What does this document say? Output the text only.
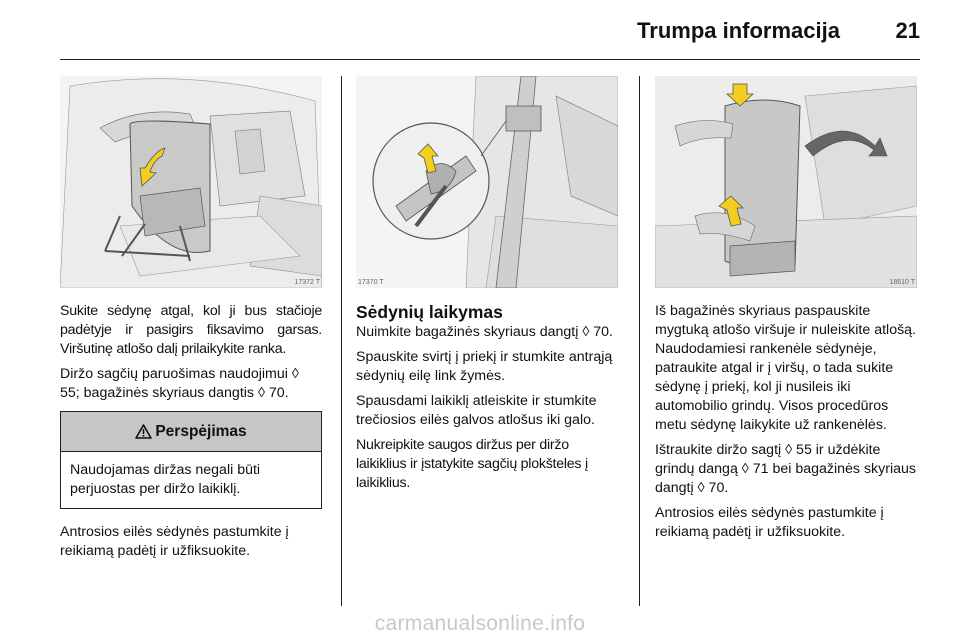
Trumpa informacija	21
17372 T

Sukite sėdynę atgal, kol ji bus stačioje padėtyje ir pasigirs fiksavimo garsas. Viršutinę atlošo dalį prilaikykite ranka.

Diržo sagčių paruošimas naudojimui ◊ 55; bagažinės skyriaus dangtis ◊ 70.

Perspėjimas
Naudojamas diržas negali būti perjuostas per diržo laikiklį.

Antrosios eilės sėdynės pastumkite į reikiamą padėtį ir užfiksuokite.

17370 T
Sėdynių laikymas

Nuimkite bagažinės skyriaus dangtį ◊ 70.

Spauskite svirtį į priekį ir stumkite antrąją sėdynių eilę link žymės.

Spausdami laikiklį atleiskite ir stumkite trečiosios eilės galvos atlošus iki galo.

Nukreipkite saugos diržus per diržo laikiklius ir įstatykite sagčių plokšteles į laikiklius.

18610 T

Iš bagažinės skyriaus paspauskite mygtuką atlošo viršuje ir nuleiskite atlošą. Naudodamiesi rankenėle sėdynėje, patraukite atgal ir į viršų, o tada sukite sėdynę į priekį, kol ji nusileis iki automobilio grindų. Visos procedūros metu sėdynę laikykite už rankenėlės.

Ištraukite diržo sagtį ◊ 55 ir uždėkite grindų dangą ◊ 71 bei bagažinės skyriaus dangtį ◊ 70.

Antrosios eilės sėdynės pastumkite į reikiamą padėtį ir užfiksuokite.

carmanualsonline.info
